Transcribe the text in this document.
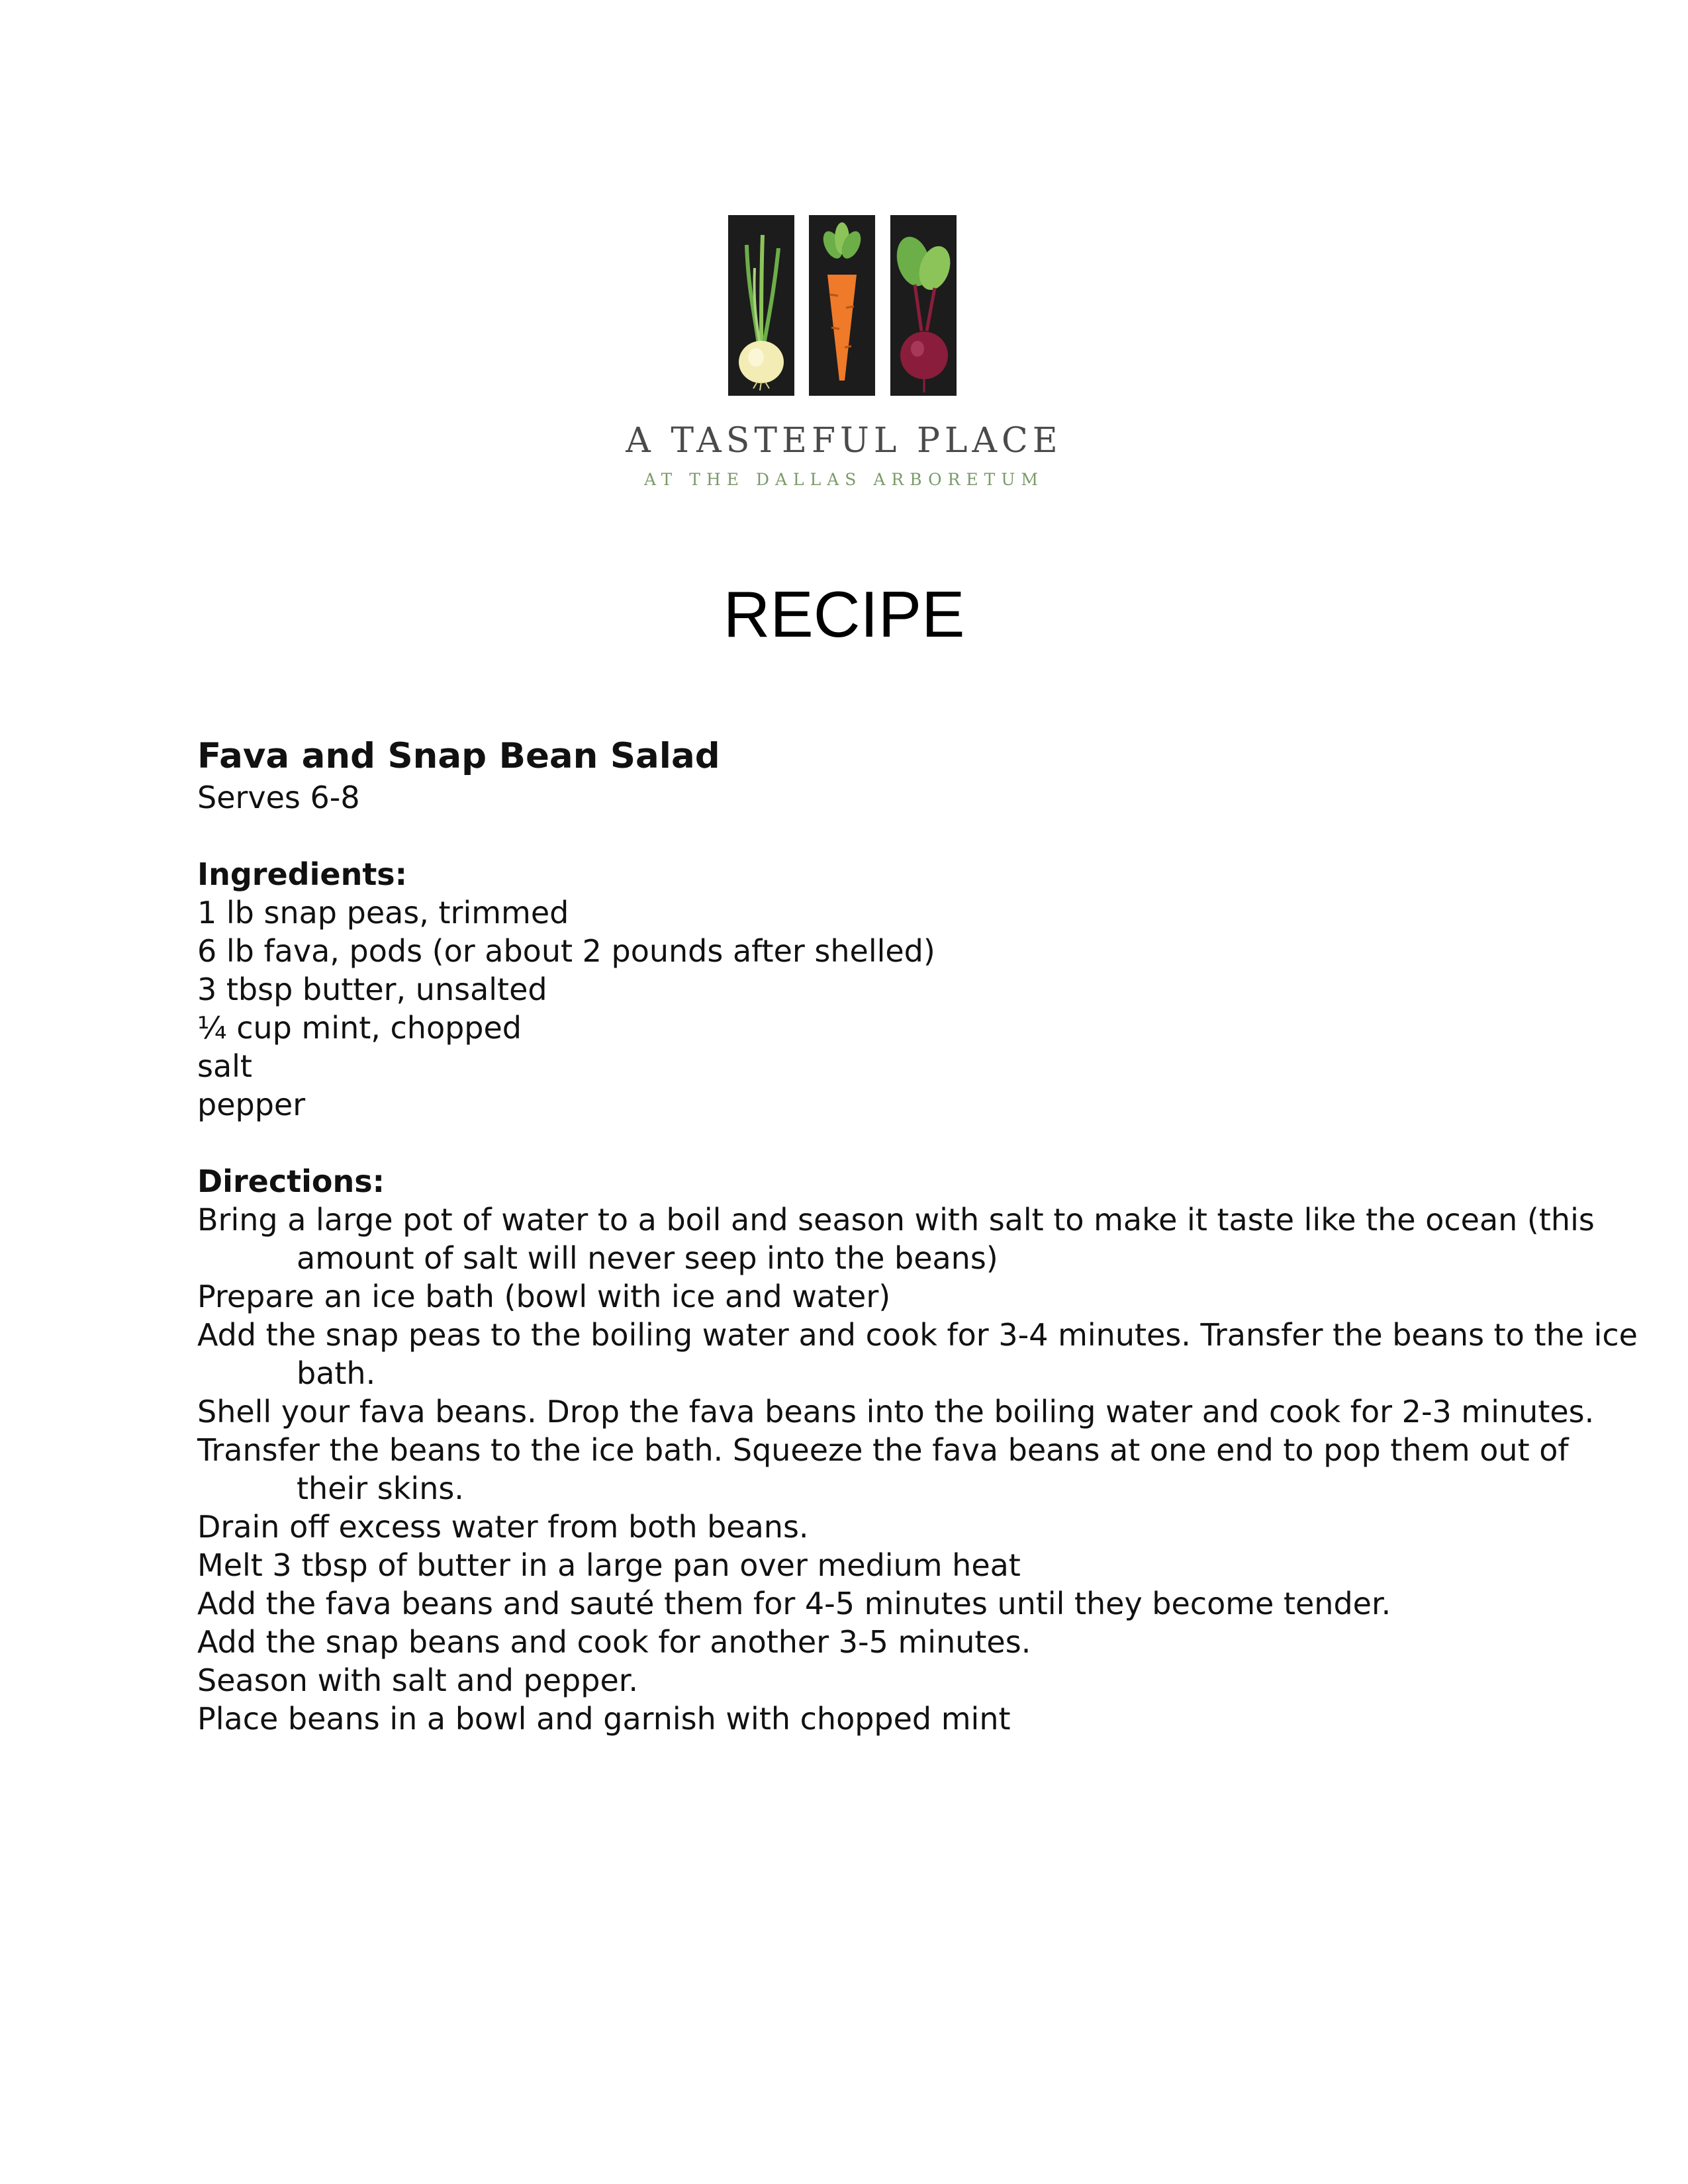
A TASTEFUL PLACE
AT THE DALLAS ARBORETUM
RECIPE
Fava and Snap Bean Salad
Serves 6-8
Ingredients:
1 lb snap peas, trimmed
6 lb fava, pods (or about 2 pounds after shelled)
3 tbsp butter, unsalted
¼ cup mint, chopped
salt
pepper
Directions:
Bring a large pot of water to a boil and season with salt to make it taste like the ocean (this amount of salt will never seep into the beans)
Prepare an ice bath (bowl with ice and water)
Add the snap peas to the boiling water and cook for 3-4 minutes. Transfer the beans to the ice bath.
Shell your fava beans. Drop the fava beans into the boiling water and cook for 2-3 minutes.
Transfer the beans to the ice bath. Squeeze the fava beans at one end to pop them out of their skins.
Drain off excess water from both beans.
Melt 3 tbsp of butter in a large pan over medium heat
Add the fava beans and sauté them for 4-5 minutes until they become tender.
Add the snap beans and cook for another 3-5 minutes.
Season with salt and pepper.
Place beans in a bowl and garnish with chopped mint
